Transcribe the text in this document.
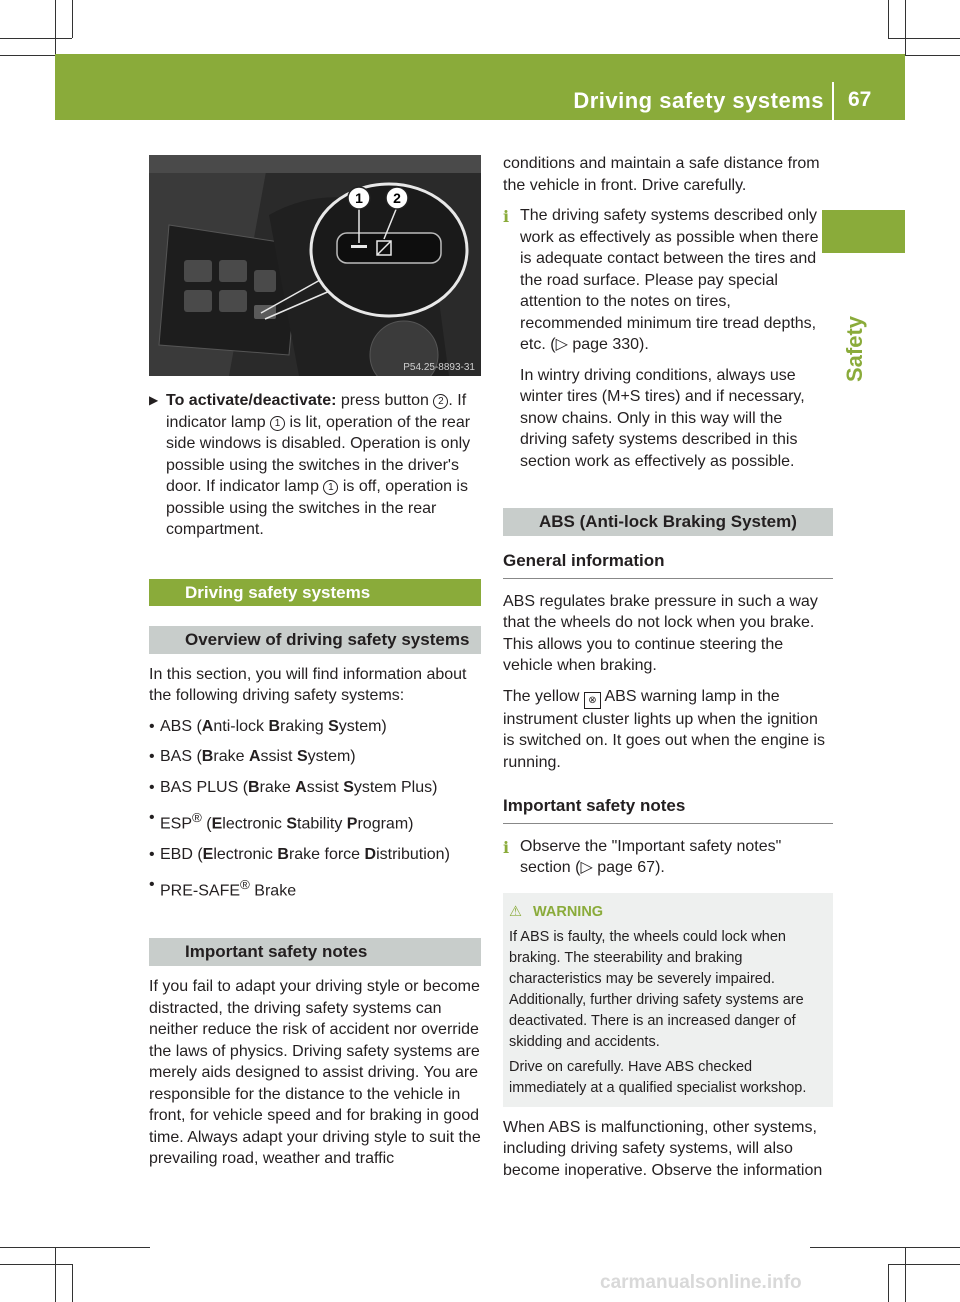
Driving safety systems 67
Safety
1 2
P54.25-8893-31
▶ To activate/deactivate: press button 2 . If indicator lamp 1 is lit, operation of the rear side windows is disabled. Operation is only possible using the switches in the driver's door. If indicator lamp 1 is off, operation is possible using the switches in the rear compartment.
Driving safety systems
Overview of driving safety systems

In this section, you will find information about the following driving safety systems:

• ABS (Anti-lock Braking System)
• BAS (Brake Assist System)
• BAS PLUS (Brake Assist System Plus)
• ESP® (Electronic Stability Program)
• EBD (Electronic Brake force Distribution)
• PRE-SAFE® Brake
Important safety notes

If you fail to adapt your driving style or become distracted, the driving safety systems can neither reduce the risk of accident nor override the laws of physics. Driving safety systems are merely aids designed to assist driving. You are responsible for the distance to the vehicle in front, for vehicle speed and for braking in good time. Always adapt your driving style to suit the prevailing road, weather and traffic

conditions and maintain a safe distance from the vehicle in front. Drive carefully.

i The driving safety systems described only work as effectively as possible when there is adequate contact between the tires and the road surface. Please pay special attention to the notes on tires, recommended minimum tire tread depths, etc. (▷ page 330).

In wintry driving conditions, always use winter tires (M+S tires) and if necessary, snow chains. Only in this way will the driving safety systems described in this section work as effectively as possible.

ABS (Anti-lock Braking System)
General information

ABS regulates brake pressure in such a way that the wheels do not lock when you brake. This allows you to continue steering the vehicle when braking.

The yellow ⊗ ABS warning lamp in the instrument cluster lights up when the ignition is switched on. It goes out when the engine is running.

Important safety notes
i Observe the "Important safety notes" section (▷ page 67).

⚠ WARNING

If ABS is faulty, the wheels could lock when braking. The steerability and braking characteristics may be severely impaired. Additionally, further driving safety systems are deactivated. There is an increased danger of skidding and accidents.

Drive on carefully. Have ABS checked immediately at a qualified specialist workshop.

When ABS is malfunctioning, other systems, including driving safety systems, will also become inoperative. Observe the information

carmanualsonline.info
